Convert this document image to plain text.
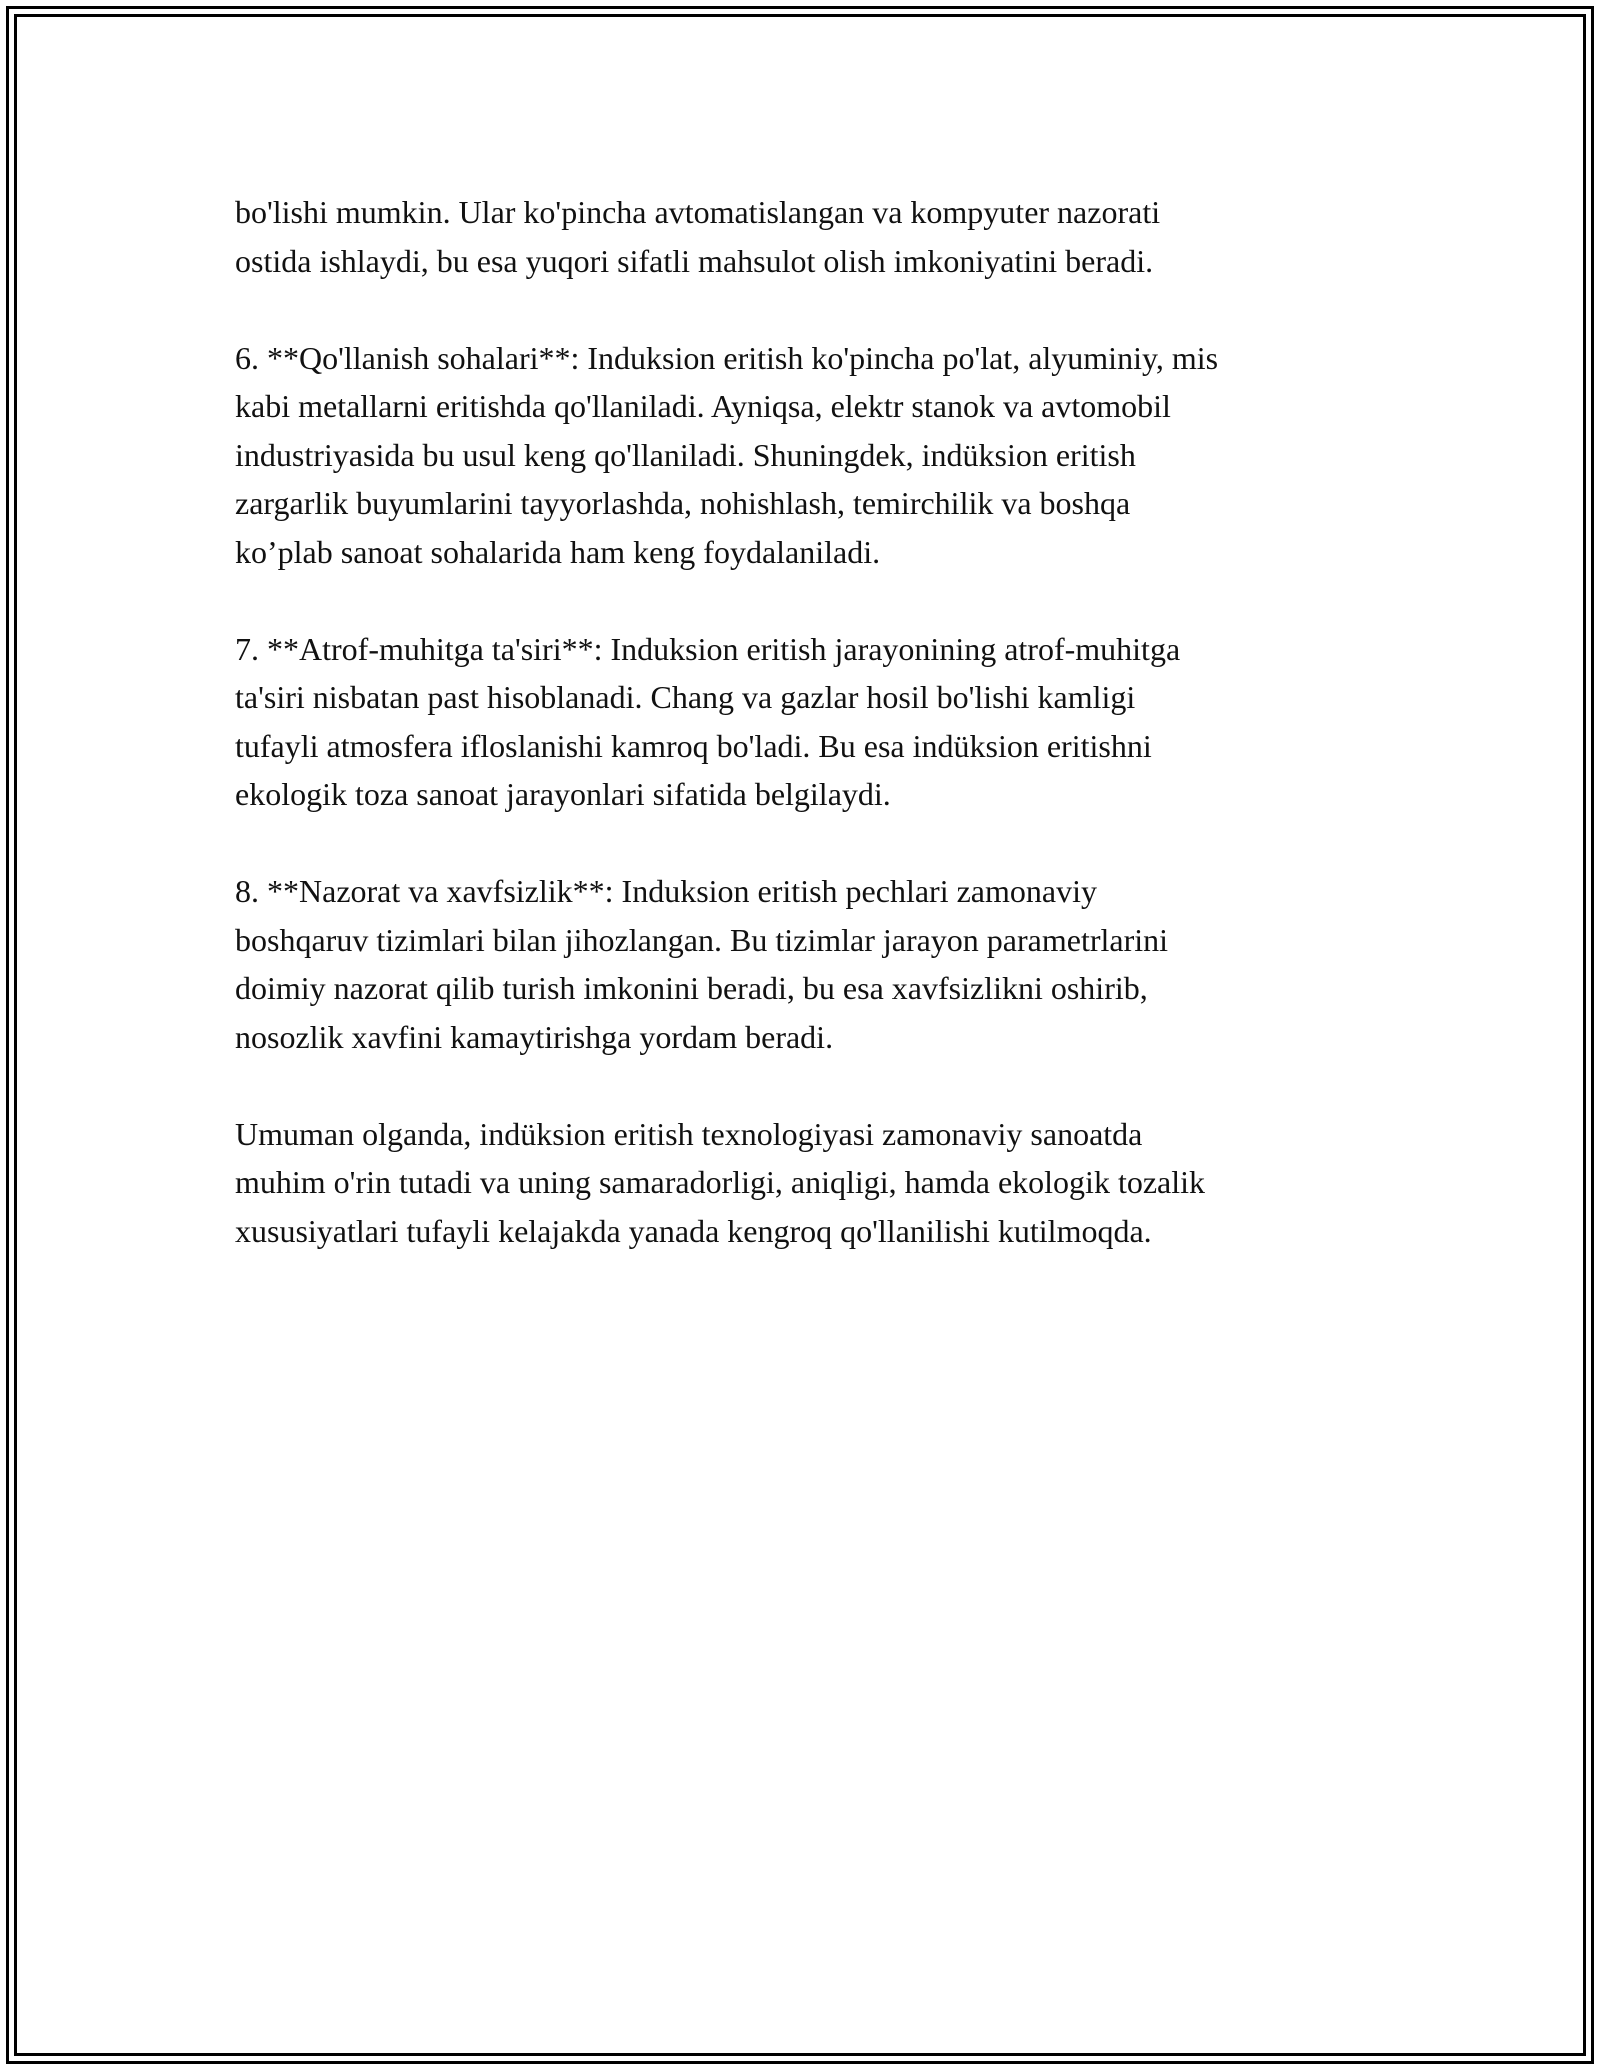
bo'lishi mumkin. Ular ko'pincha avtomatislangan va kompyuter nazorati
ostida ishlaydi, bu esa yuqori sifatli mahsulot olish imkoniyatini beradi.

6. **Qo'llanish sohalari**: Induksion eritish ko'pincha po'lat, alyuminiy, mis
kabi metallarni eritishda qo'llaniladi. Ayniqsa, elektr stanok va avtomobil
industriyasida bu usul keng qo'llaniladi. Shuningdek, indüksion eritish
zargarlik buyumlarini tayyorlashda, nohishlash, temirchilik va boshqa
ko’plab sanoat sohalarida ham keng foydalaniladi.

7. **Atrof-muhitga ta'siri**: Induksion eritish jarayonining atrof-muhitga
ta'siri nisbatan past hisoblanadi. Chang va gazlar hosil bo'lishi kamligi
tufayli atmosfera ifloslanishi kamroq bo'ladi. Bu esa indüksion eritishni
ekologik toza sanoat jarayonlari sifatida belgilaydi.

8. **Nazorat va xavfsizlik**: Induksion eritish pechlari zamonaviy
boshqaruv tizimlari bilan jihozlangan. Bu tizimlar jarayon parametrlarini
doimiy nazorat qilib turish imkonini beradi, bu esa xavfsizlikni oshirib,
nosozlik xavfini kamaytirishga yordam beradi.

Umuman olganda, indüksion eritish texnologiyasi zamonaviy sanoatda
muhim o'rin tutadi va uning samaradorligi, aniqligi, hamda ekologik tozalik
xususiyatlari tufayli kelajakda yanada kengroq qo'llanilishi kutilmoqda.
